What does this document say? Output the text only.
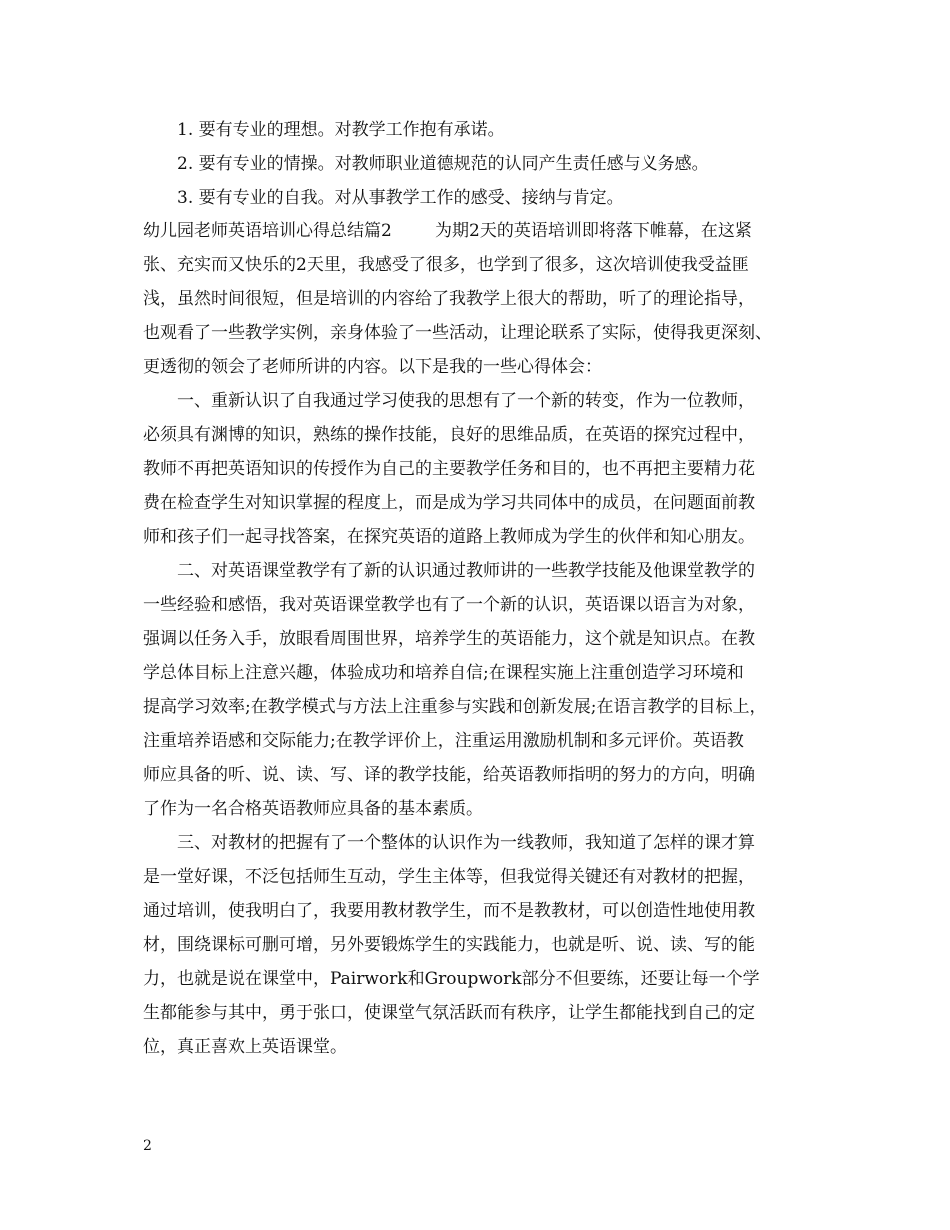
1. 要有专业的理想。对教学工作抱有承诺。
2. 要有专业的情操。对教师职业道德规范的认同产生责任感与义务感。
3. 要有专业的自我。对从事教学工作的感受、接纳与肯定。
幼儿园老师英语培训心得总结篇2        为期2天的英语培训即将落下帷幕，在这紧
张、充实而又快乐的2天里，我感受了很多，也学到了很多，这次培训使我受益匪
浅，虽然时间很短，但是培训的内容给了我教学上很大的帮助，听了的理论指导，
也观看了一些教学实例，亲身体验了一些活动，让理论联系了实际，使得我更深刻、
更透彻的领会了老师所讲的内容。以下是我的一些心得体会：
一、重新认识了自我通过学习使我的思想有了一个新的转变，作为一位教师，
必须具有渊博的知识，熟练的操作技能，良好的思维品质，在英语的探究过程中，
教师不再把英语知识的传授作为自己的主要教学任务和目的，也不再把主要精力花
费在检查学生对知识掌握的程度上，而是成为学习共同体中的成员，在问题面前教
师和孩子们一起寻找答案，在探究英语的道路上教师成为学生的伙伴和知心朋友。
二、对英语课堂教学有了新的认识通过教师讲的一些教学技能及他课堂教学的
一些经验和感悟，我对英语课堂教学也有了一个新的认识，英语课以语言为对象，
强调以任务入手，放眼看周围世界，培养学生的英语能力，这个就是知识点。在教
学总体目标上注意兴趣，体验成功和培养自信;在课程实施上注重创造学习环境和
提高学习效率;在教学模式与方法上注重参与实践和创新发展;在语言教学的目标上，
注重培养语感和交际能力;在教学评价上，注重运用激励机制和多元评价。英语教
师应具备的听、说、读、写、译的教学技能，给英语教师指明的努力的方向，明确
了作为一名合格英语教师应具备的基本素质。
三、对教材的把握有了一个整体的认识作为一线教师，我知道了怎样的课才算
是一堂好课，不泛包括师生互动，学生主体等，但我觉得关键还有对教材的把握，
通过培训，使我明白了，我要用教材教学生，而不是教教材，可以创造性地使用教
材，围绕课标可删可增，另外要锻炼学生的实践能力，也就是听、说、读、写的能
力，也就是说在课堂中，Pairwork和Groupwork部分不但要练，还要让每一个学
生都能参与其中，勇于张口，使课堂气氛活跃而有秩序，让学生都能找到自己的定
位，真正喜欢上英语课堂。
2
